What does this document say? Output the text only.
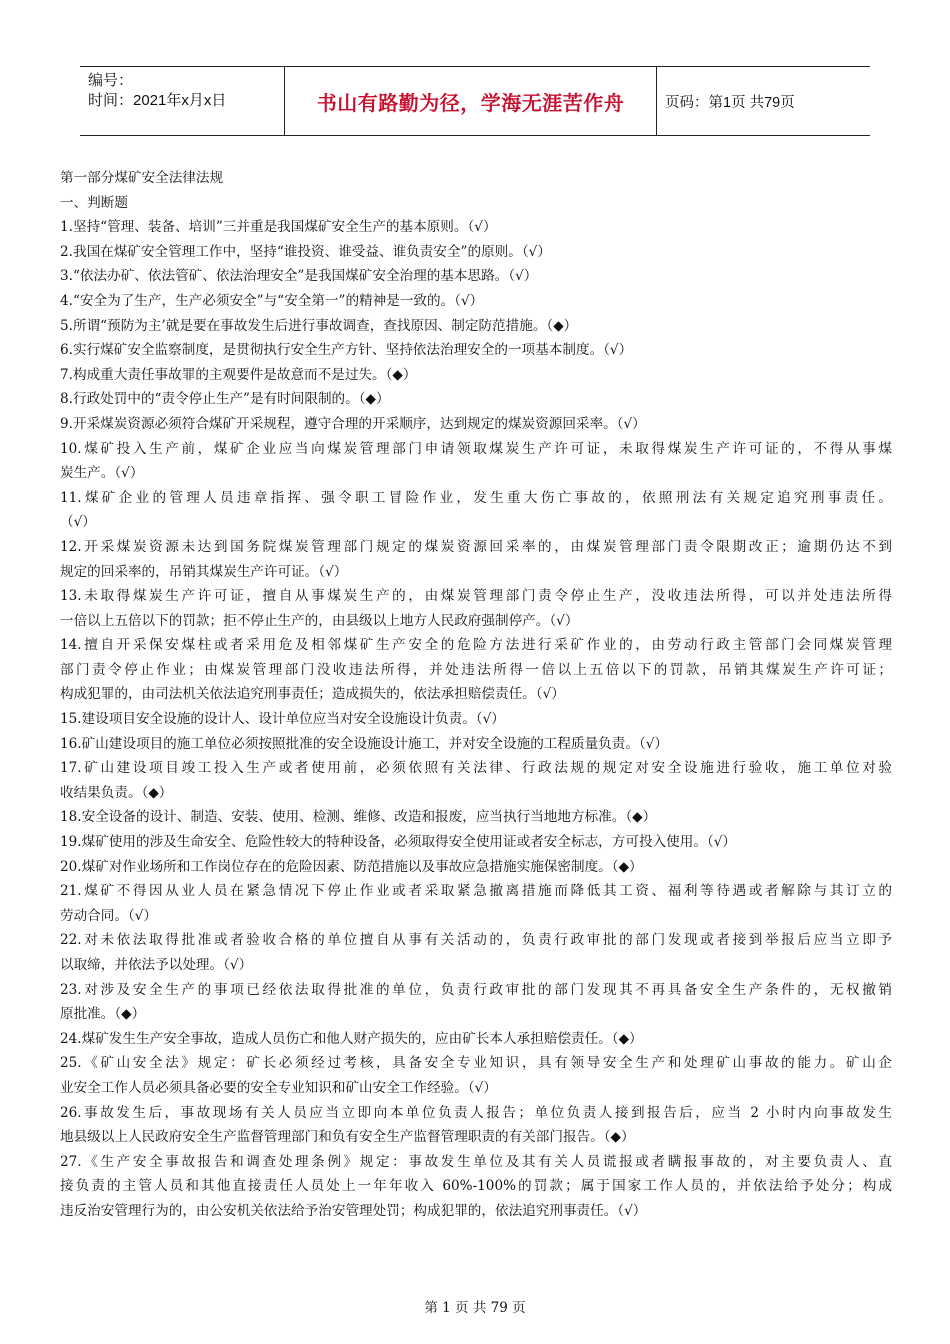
编号：
时间：2021年x月x日	书山有路勤为径，学海无涯苦作舟	页码：第1页 共79页
第一部分煤矿安全法律法规
一、判断题
1.坚持“管理、装备、培训”三并重是我国煤矿安全生产的基本原则。（√）
2.我国在煤矿安全管理工作中，坚持“谁投资、谁受益、谁负责安全”的原则。（√）
3.“依法办矿、依法管矿、依法治理安全”是我国煤矿安全治理的基本思路。（√）
4.“安全为了生产，生产必须安全”与“安全第一”的精神是一致的。（√）
5.所谓“预防为主’就是要在事故发生后进行事故调查，查找原因、制定防范措施。（◆）
6.实行煤矿安全监察制度，是贯彻执行安全生产方针、坚持依法治理安全的一项基本制度。（√）
7.构成重大责任事故罪的主观要件是故意而不是过失。（◆）
8.行政处罚中的“责令停止生产”是有时间限制的。（◆）
9.开采煤炭资源必须符合煤矿开采规程，遵守合理的开采顺序，达到规定的煤炭资源回采率。（√）
10.煤矿投入生产前，煤矿企业应当向煤炭管理部门申请领取煤炭生产许可证，未取得煤炭生产许可证的，不得从事煤
炭生产。（√）
11.煤矿企业的管理人员违章指挥、强令职工冒险作业，发生重大伤亡事故的，依照刑法有关规定追究刑事责任。
（√）
12.开采煤炭资源未达到国务院煤炭管理部门规定的煤炭资源回采率的，由煤炭管理部门责令限期改正；逾期仍达不到
规定的回采率的，吊销其煤炭生产许可证。（√）
13.未取得煤炭生产许可证，擅自从事煤炭生产的，由煤炭管理部门责令停止生产，没收违法所得，可以并处违法所得
一倍以上五倍以下的罚款；拒不停止生产的，由县级以上地方人民政府强制停产。（√）
14.擅自开采保安煤柱或者采用危及相邻煤矿生产安全的危险方法进行采矿作业的，由劳动行政主管部门会同煤炭管理
部门责令停止作业；由煤炭管理部门没收违法所得，并处违法所得一倍以上五倍以下的罚款，吊销其煤炭生产许可证；
构成犯罪的，由司法机关依法追究刑事责任；造成损失的，依法承担赔偿责任。（√）
15.建设项目安全设施的设计人、设计单位应当对安全设施设计负责。（√）
16.矿山建设项目的施工单位必须按照批准的安全设施设计施工，并对安全设施的工程质量负责。（√）
17.矿山建设项目竣工投入生产或者使用前，必须依照有关法律、行政法规的规定对安全设施进行验收，施工单位对验
收结果负责。（◆）
18.安全设备的设计、制造、安装、使用、检测、维修、改造和报废，应当执行当地地方标准。（◆）
19.煤矿使用的涉及生命安全、危险性较大的特种设备，必须取得安全使用证或者安全标志，方可投入使用。（√）
20.煤矿对作业场所和工作岗位存在的危险因素、防范措施以及事故应急措施实施保密制度。（◆）
21.煤矿不得因从业人员在紧急情况下停止作业或者采取紧急撤离措施而降低其工资、福利等待遇或者解除与其订立的
劳动合同。（√）
22.对未依法取得批准或者验收合格的单位擅自从事有关活动的，负责行政审批的部门发现或者接到举报后应当立即予
以取缔，并依法予以处理。（√）
23.对涉及安全生产的事项已经依法取得批准的单位，负责行政审批的部门发现其不再具备安全生产条件的，无权撤销
原批准。（◆）
24.煤矿发生生产安全事故，造成人员伤亡和他人财产损失的，应由矿长本人承担赔偿责任。（◆）
25.《矿山安全法》规定：矿长必须经过考核，具备安全专业知识，具有领导安全生产和处理矿山事故的能力。矿山企
业安全工作人员必须具备必要的安全专业知识和矿山安全工作经验。（√）
26.事故发生后，事故现场有关人员应当立即向本单位负责人报告；单位负责人接到报告后，应当 2 小时内向事故发生
地县级以上人民政府安全生产监督管理部门和负有安全生产监督管理职责的有关部门报告。（◆）
27.《生产安全事故报告和调查处理条例》规定：事故发生单位及其有关人员谎报或者瞒报事故的，对主要负责人、直
接负责的主管人员和其他直接责任人员处上一年年收入 60%-100%的罚款；属于国家工作人员的，并依法给予处分；构成
违反治安管理行为的，由公安机关依法给予治安管理处罚；构成犯罪的，依法追究刑事责任。（√）
第 1 页 共 79 页
